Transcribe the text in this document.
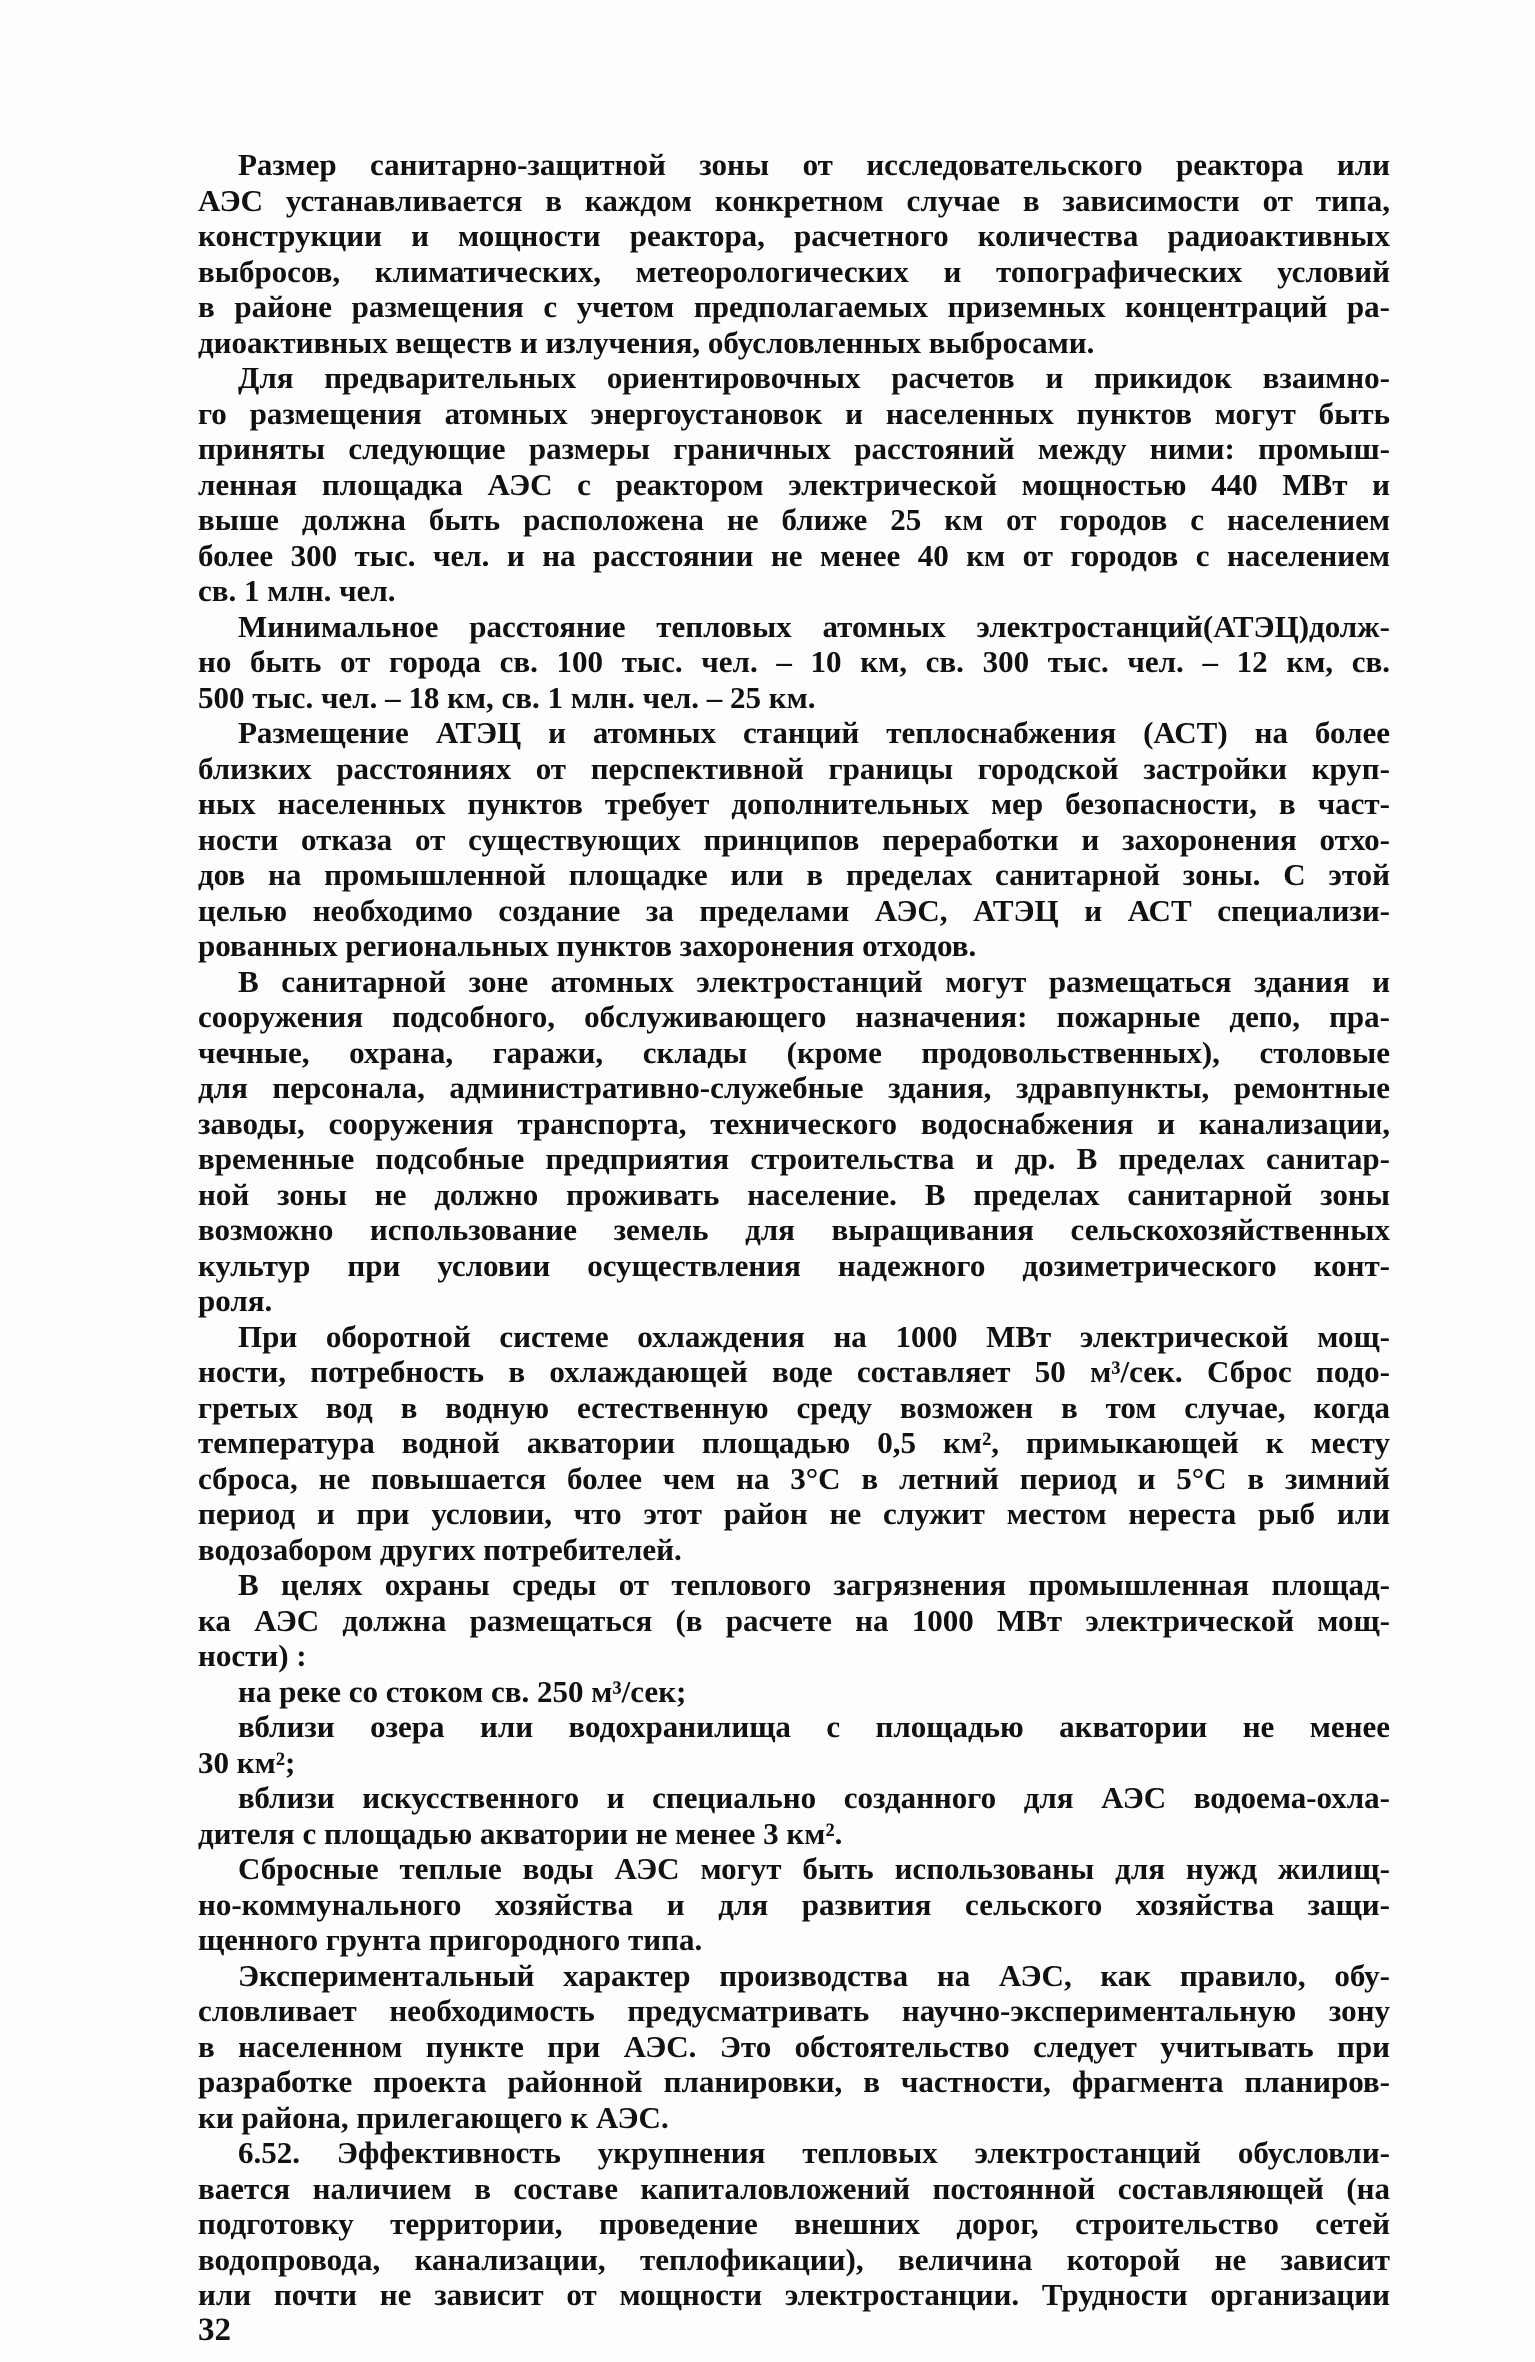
Размер санитарно-защитной зоны от исследовательского реактора или
АЭС устанавливается в каждом конкретном случае в зависимости от типа,
конструкции и мощности реактора, расчетного количества радиоактивных
выбросов, климатических, метеорологических и топографических условий
в районе размещения с учетом предполагаемых приземных концентраций ра-
диоактивных веществ и излучения, обусловленных выбросами.
Для предварительных ориентировочных расчетов и прикидок взаимно-
го размещения атомных энергоустановок и населенных пунктов могут быть
приняты следующие размеры граничных расстояний между ними: промыш-
ленная площадка АЭС с реактором электрической мощностью 440 МВт и
выше должна быть расположена не ближе 25 км от городов с населением
более 300 тыс. чел. и на расстоянии не менее 40 км от городов с населением
св. 1 млн. чел.
Минимальное расстояние тепловых атомных электростанций(АТЭЦ)долж-
но быть от города св. 100 тыс. чел. – 10 км, св. 300 тыс. чел. – 12 км, св.
500 тыс. чел. – 18 км, св. 1 млн. чел. – 25 км.
Размещение АТЭЦ и атомных станций теплоснабжения (АСТ) на более
близких расстояниях от перспективной границы городской застройки круп-
ных населенных пунктов требует дополнительных мер безопасности, в част-
ности отказа от существующих принципов переработки и захоронения отхо-
дов на промышленной площадке или в пределах санитарной зоны. С этой
целью необходимо создание за пределами АЭС, АТЭЦ и АСТ специализи-
рованных региональных пунктов захоронения отходов.
В санитарной зоне атомных электростанций могут размещаться здания и
сооружения подсобного, обслуживающего назначения: пожарные депо, пра-
чечные, охрана, гаражи, склады (кроме продовольственных), столовые
для персонала, административно-служебные здания, здравпункты, ремонтные
заводы, сооружения транспорта, технического водоснабжения и канализации,
временные подсобные предприятия строительства и др. В пределах санитар-
ной зоны не должно проживать население. В пределах санитарной зоны
возможно использование земель для выращивания сельскохозяйственных
культур при условии осуществления надежного дозиметрического конт-
роля.
При оборотной системе охлаждения на 1000 МВт электрической мощ-
ности, потребность в охлаждающей воде составляет 50 м³/сек. Сброс подо-
гретых вод в водную естественную среду возможен в том случае, когда
температура водной акватории площадью 0,5 км², примыкающей к месту
сброса, не повышается более чем на 3°С в летний период и 5°С в зимний
период и при условии, что этот район не служит местом нереста рыб или
водозабором других потребителей.
В целях охраны среды от теплового загрязнения промышленная площад-
ка АЭС должна размещаться (в расчете на 1000 МВт электрической мощ-
ности) :
на реке со стоком св. 250 м³/сек;
вблизи озера или водохранилища с площадью акватории не менее
30 км²;
вблизи искусственного и специально созданного для АЭС водоема-охла-
дителя с площадью акватории не менее 3 км².
Сбросные теплые воды АЭС могут быть использованы для нужд жилищ-
но-коммунального хозяйства и для развития сельского хозяйства защи-
щенного грунта пригородного типа.
Экспериментальный характер производства на АЭС, как правило, обу-
словливает необходимость предусматривать научно-экспериментальную зону
в населенном пункте при АЭС. Это обстоятельство следует учитывать при
разработке проекта районной планировки, в частности, фрагмента планиров-
ки района, прилегающего к АЭС.
6.52. Эффективность укрупнения тепловых электростанций обусловли-
вается наличием в составе капиталовложений постоянной составляющей (на
подготовку территории, проведение внешних дорог, строительство сетей
водопровода, канализации, теплофикации), величина которой не зависит
или почти не зависит от мощности электростанции. Трудности организации
32
